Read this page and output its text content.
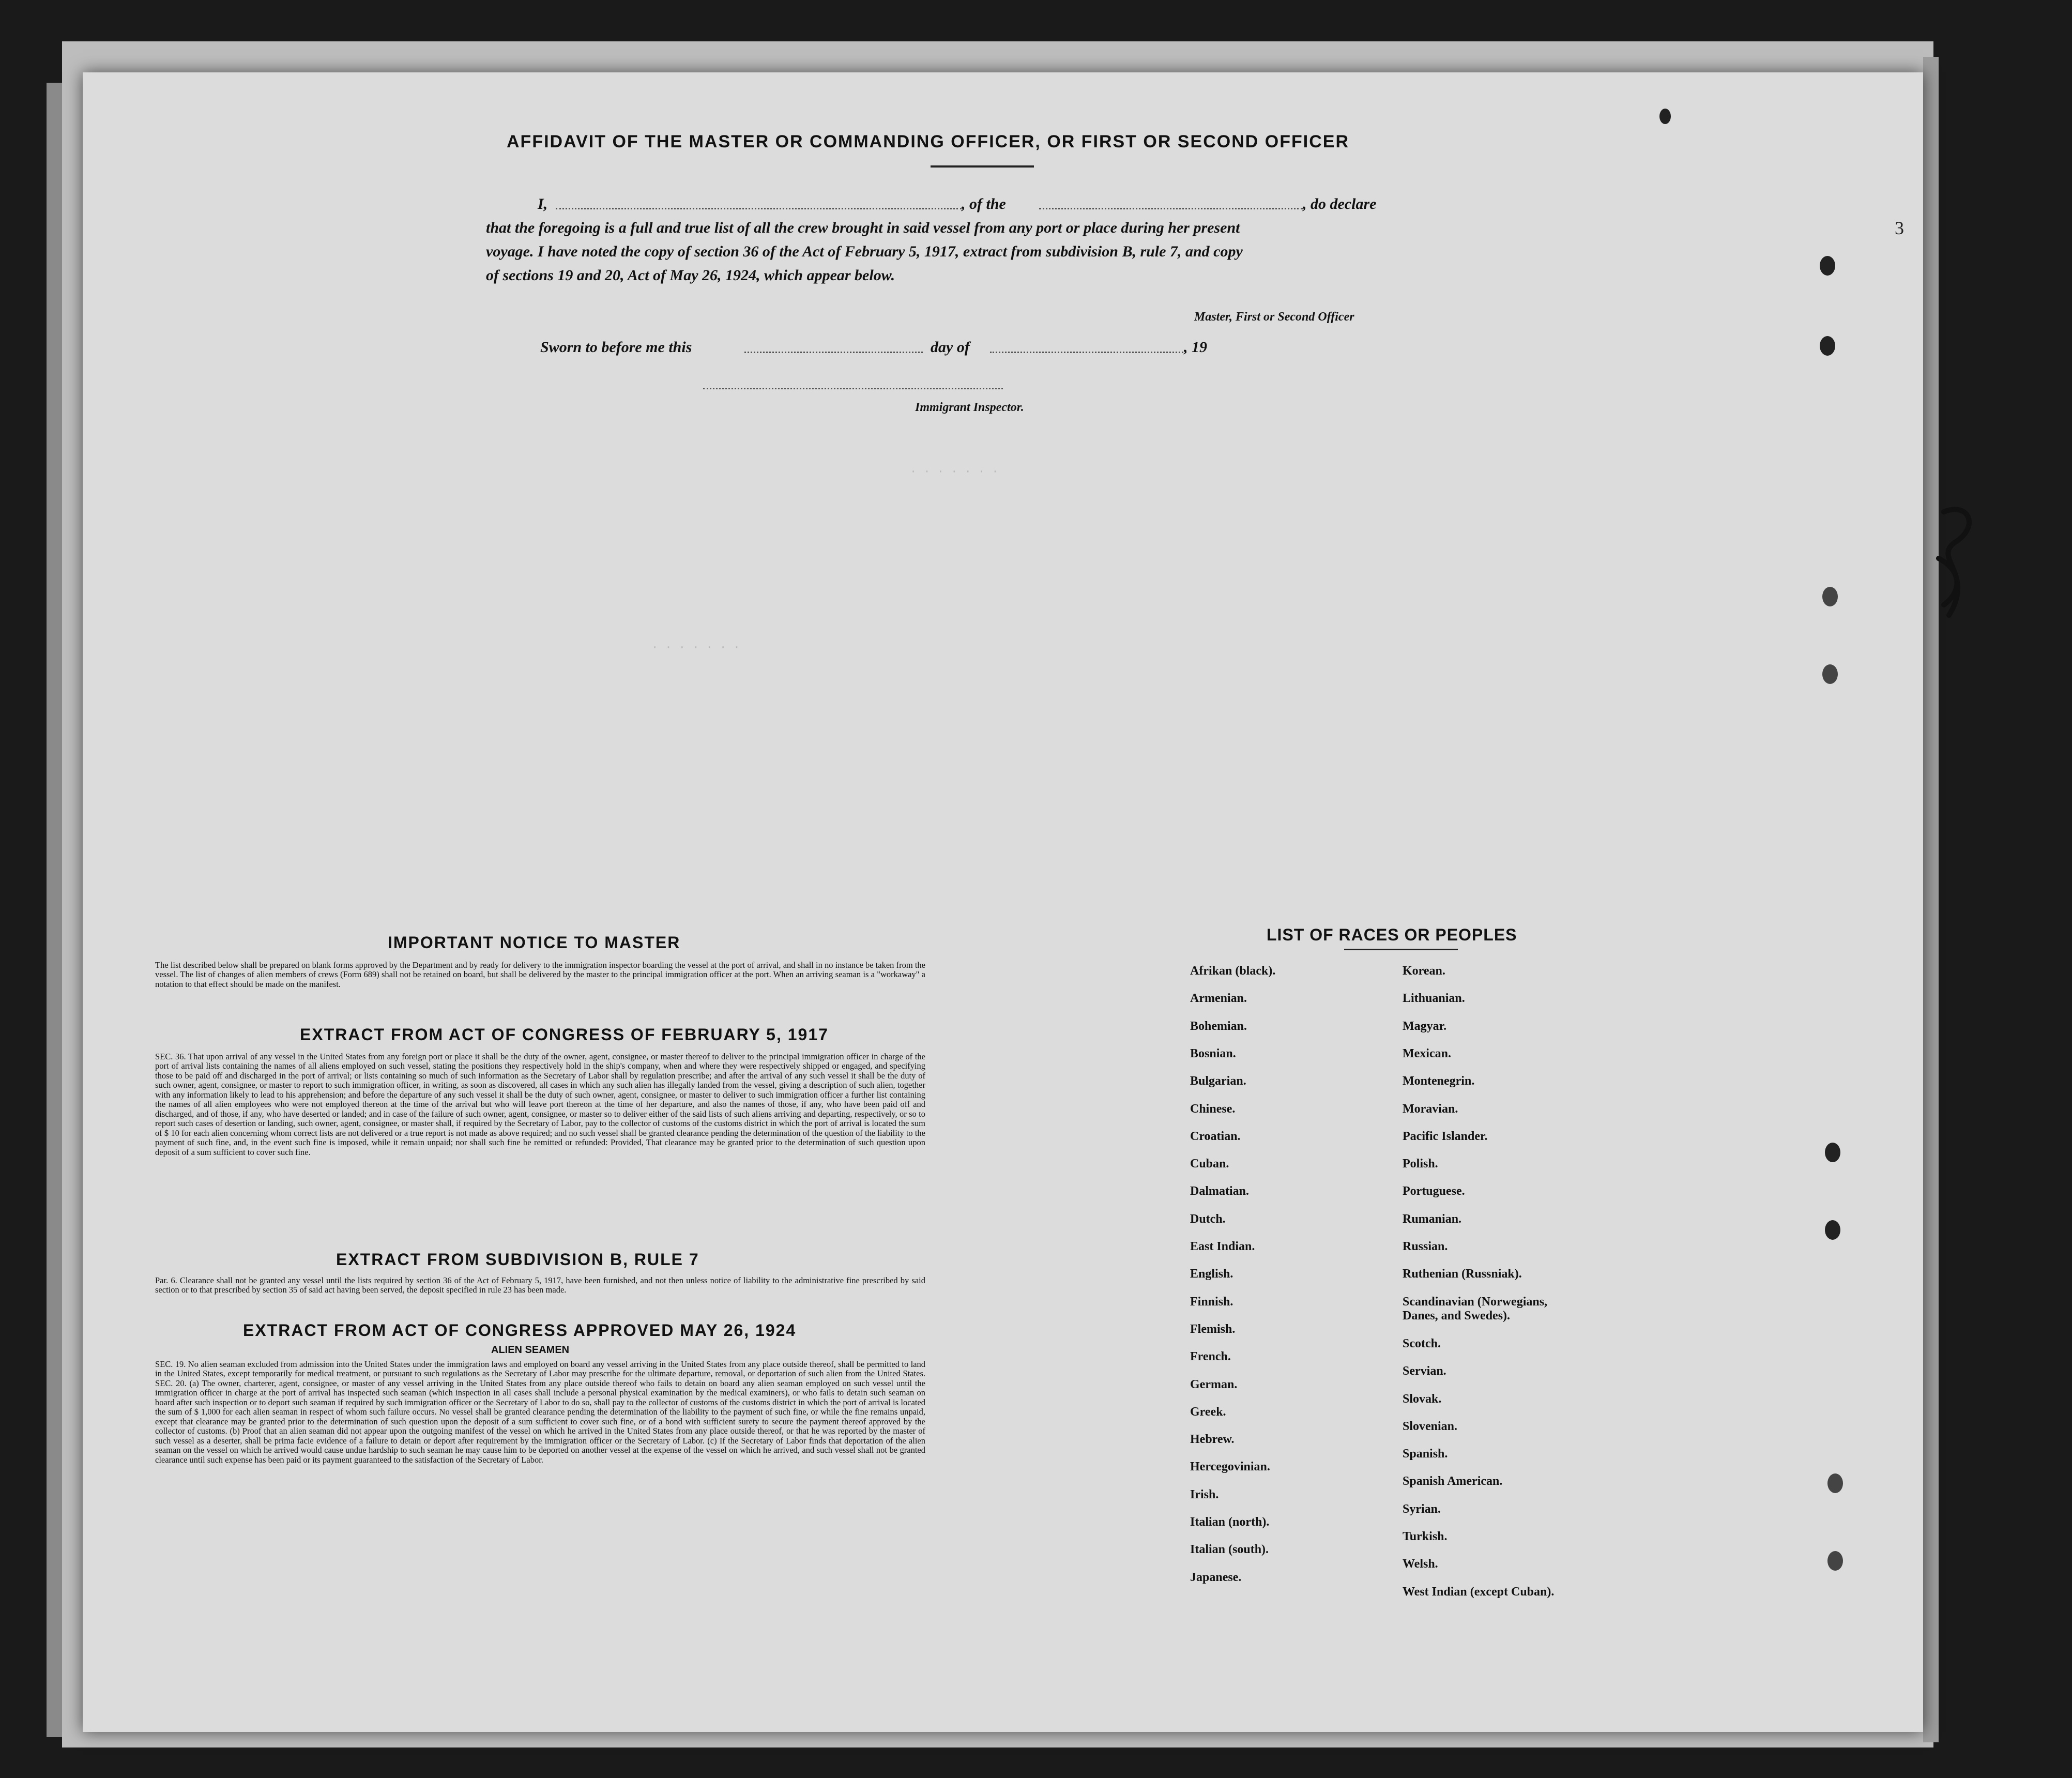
· · · · · · ·
· · · · · · ·
AFFIDAVIT OF THE MASTER OR COMMANDING OFFICER, OR FIRST OR SECOND OFFICER
I,	, of the	, do declare
that the foregoing is a full and true list of all the crew brought in said vessel from any port or place during her present
voyage. I have noted the copy of section 36 of the Act of February 5, 1917, extract from subdivision B, rule 7, and copy
of sections 19 and 20, Act of May 26, 1924, which appear below.
Master, First or Second Officer
Sworn to before me this	day of	, 19
Immigrant Inspector.
IMPORTANT NOTICE TO MASTER
The list described below shall be prepared on blank forms approved by the Department and by ready for delivery to the immigration inspector boarding the vessel at the port of arrival, and shall in no instance be taken from the vessel. The list of changes of alien members of crews (Form 689) shall not be retained on board, but shall be delivered by the master to the principal immigration officer at the port. When an arriving seaman is a "workaway" a notation to that effect should be made on the manifest.
EXTRACT FROM ACT OF CONGRESS OF FEBRUARY 5, 1917
SEC. 36. That upon arrival of any vessel in the United States from any foreign port or place it shall be the duty of the owner, agent, consignee, or master thereof to deliver to the principal immigration officer in charge of the port of arrival lists containing the names of all aliens employed on such vessel, stating the positions they respectively hold in the ship's company, when and where they were respectively shipped or engaged, and specifying those to be paid off and discharged in the port of arrival; or lists containing so much of such information as the Secretary of Labor shall by regulation prescribe; and after the arrival of any such vessel it shall be the duty of such owner, agent, consignee, or master to report to such immigration officer, in writing, as soon as discovered, all cases in which any such alien has illegally landed from the vessel, giving a description of such alien, together with any information likely to lead to his apprehension; and before the departure of any such vessel it shall be the duty of such owner, agent, consignee, or master to deliver to such immigration officer a further list containing the names of all alien employees who were not employed thereon at the time of the arrival but who will leave port thereon at the time of her departure, and also the names of those, if any, who have been paid off and discharged, and of those, if any, who have deserted or landed; and in case of the failure of such owner, agent, consignee, or master so to deliver either of the said lists of such aliens arriving and departing, respectively, or so to report such cases of desertion or landing, such owner, agent, consignee, or master shall, if required by the Secretary of Labor, pay to the collector of customs of the customs district in which the port of arrival is located the sum of $ 10 for each alien concerning whom correct lists are not delivered or a true report is not made as above required; and no such vessel shall be granted clearance pending the determination of the question of the liability to the payment of such fine, and, in the event such fine is imposed, while it remain unpaid; nor shall such fine be remitted or refunded: Provided, That clearance may be granted prior to the determination of such question upon deposit of a sum sufficient to cover such fine.
EXTRACT FROM SUBDIVISION B, RULE 7
Par. 6. Clearance shall not be granted any vessel until the lists required by section 36 of the Act of February 5, 1917, have been furnished, and not then unless notice of liability to the administrative fine prescribed by said section or to that prescribed by section 35 of said act having been served, the deposit specified in rule 23 has been made.
EXTRACT FROM ACT OF CONGRESS APPROVED MAY 26, 1924
ALIEN SEAMEN
SEC. 19. No alien seaman excluded from admission into the United States under the immigration laws and employed on board any vessel arriving in the United States from any place outside thereof, shall be permitted to land in the United States, except temporarily for medical treatment, or pursuant to such regulations as the Secretary of Labor may prescribe for the ultimate departure, removal, or deportation of such alien from the United States. SEC. 20. (a) The owner, charterer, agent, consignee, or master of any vessel arriving in the United States from any place outside thereof who fails to detain on board any alien seaman employed on such vessel until the immigration officer in charge at the port of arrival has inspected such seaman (which inspection in all cases shall include a personal physical examination by the medical examiners), or who fails to detain such seaman on board after such inspection or to deport such seaman if required by such immigration officer or the Secretary of Labor to do so, shall pay to the collector of customs of the customs district in which the port of arrival is located the sum of $ 1,000 for each alien seaman in respect of whom such failure occurs. No vessel shall be granted clearance pending the determination of the liability to the payment of such fine, or while the fine remains unpaid, except that clearance may be granted prior to the determination of such question upon the deposit of a sum sufficient to cover such fine, or of a bond with sufficient surety to secure the payment thereof approved by the collector of customs. (b) Proof that an alien seaman did not appear upon the outgoing manifest of the vessel on which he arrived in the United States from any place outside thereof, or that he was reported by the master of such vessel as a deserter, shall be prima facie evidence of a failure to detain or deport after requirement by the immigration officer or the Secretary of Labor. (c) If the Secretary of Labor finds that deportation of the alien seaman on the vessel on which he arrived would cause undue hardship to such seaman he may cause him to be deported on another vessel at the expense of the vessel on which he arrived, and such vessel shall not be granted clearance until such expense has been paid or its payment guaranteed to the satisfaction of the Secretary of Labor.
LIST OF RACES OR PEOPLES
Afrikan (black).
Armenian.
Bohemian.
Bosnian.
Bulgarian.
Chinese.
Croatian.
Cuban.
Dalmatian.
Dutch.
East Indian.
English.
Finnish.
Flemish.
French.
German.
Greek.
Hebrew.
Hercegovinian.
Irish.
Italian (north).
Italian (south).
Japanese.
Korean.
Lithuanian.
Magyar.
Mexican.
Montenegrin.
Moravian.
Pacific Islander.
Polish.
Portuguese.
Rumanian.
Russian.
Ruthenian (Russniak).
Scandinavian (Norwegians,
Danes, and Swedes).
Scotch.
Servian.
Slovak.
Slovenian.
Spanish.
Spanish American.
Syrian.
Turkish.
Welsh.
West Indian (except Cuban).
3
